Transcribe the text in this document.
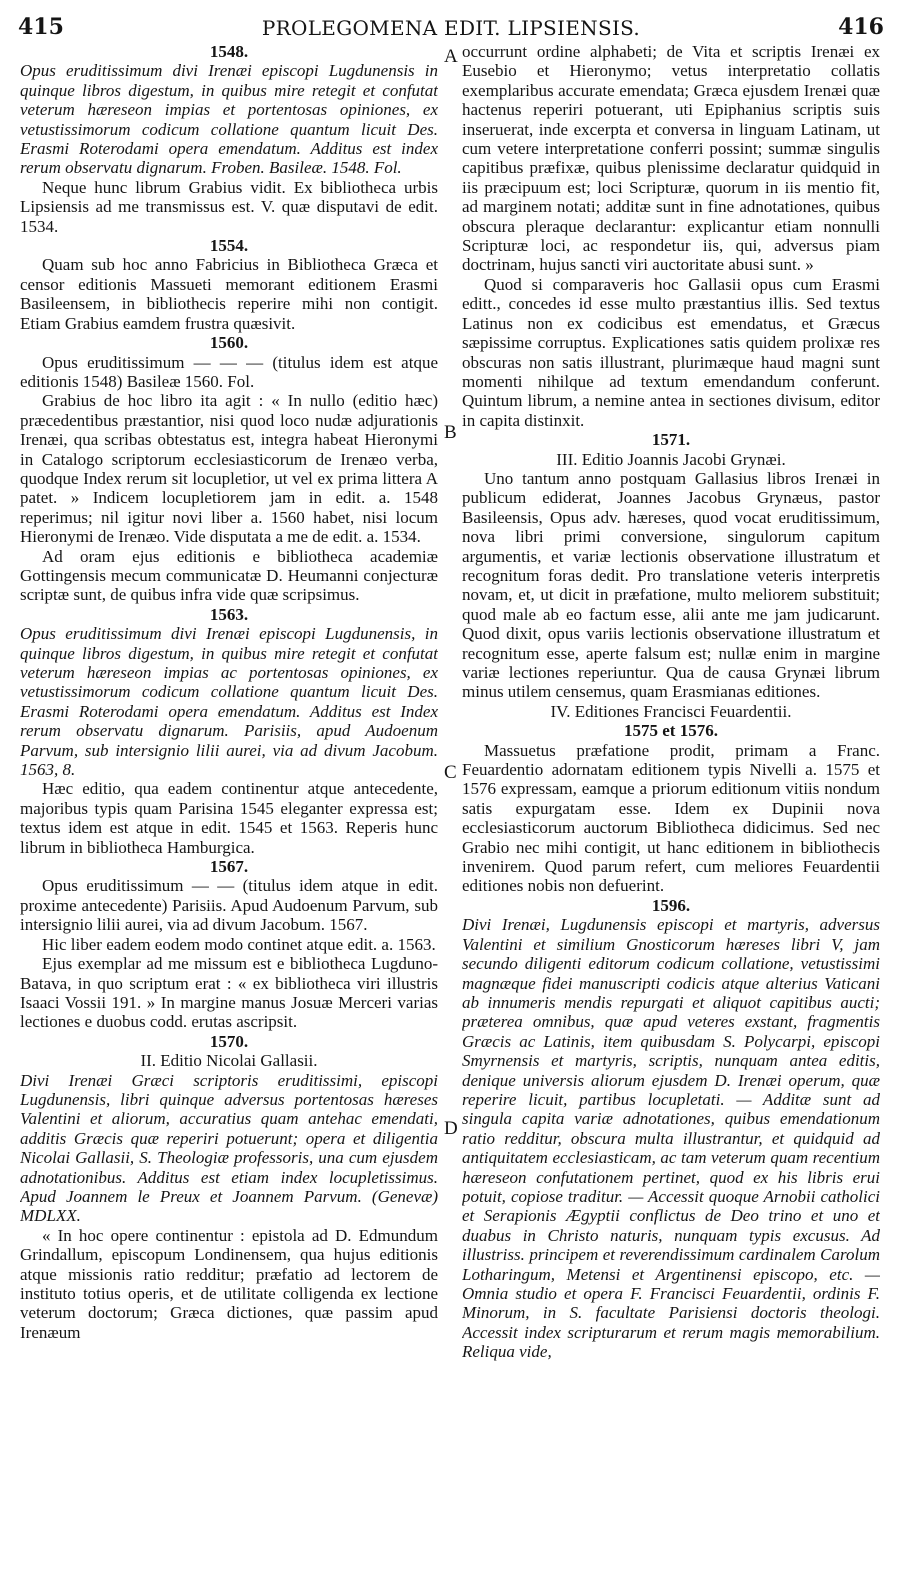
415	PROLEGOMENA EDIT. LIPSIENSIS.	416

1548.

Opus eruditissimum divi Irenæi episcopi Lugdunensis in quinque libros digestum, in quibus mire retegit et confutat veterum hæreseon impias et portentosas opiniones, ex vetustissimorum codicum collatione quantum licuit Des. Erasmi Roterodami opera emendatum. Additus est index rerum observatu dignarum. Froben. Basileæ. 1548. Fol.

Neque hunc librum Grabius vidit. Ex bibliotheca urbis Lipsiensis ad me transmissus est. V. quæ disputavi de edit. 1534.

1554.

Quam sub hoc anno Fabricius in Bibliotheca Græca et censor editionis Massueti memorant editionem Erasmi Basileensem, in bibliothecis reperire mihi non contigit. Etiam Grabius eamdem frustra quæsivit.

1560.

Opus eruditissimum — — — (titulus idem est atque editionis 1548) Basileæ 1560. Fol.

Grabius de hoc libro ita agit : « In nullo (editio hæc) præcedentibus præstantior, nisi quod loco nudæ adjurationis Irenæi, qua scribas obtestatus est, integra habeat Hieronymi in Catalogo scriptorum ecclesiasticorum de Irenæo verba, quodque Index rerum sit locupletior, ut vel ex prima littera A patet. » Indicem locupletiorem jam in edit. a. 1548 reperimus; nil igitur novi liber a. 1560 habet, nisi locum Hieronymi de Irenæo. Vide disputata a me de edit. a. 1534.

Ad oram ejus editionis e bibliotheca academiæ Gottingensis mecum communicatæ D. Heumanni conjecturæ scriptæ sunt, de quibus infra vide quæ scripsimus.

1563.

Opus eruditissimum divi Irenæi episcopi Lugdunensis, in quinque libros digestum, in quibus mire retegit et confutat veterum hæreseon impias ac portentosas opiniones, ex vetustissimorum codicum collatione quantum licuit Des. Erasmi Roterodami opera emendatum. Additus est Index rerum observatu dignarum. Parisiis, apud Audoenum Parvum, sub intersignio lilii aurei, via ad divum Jacobum. 1563, 8.

Hæc editio, qua eadem continentur atque antecedente, majoribus typis quam Parisina 1545 eleganter expressa est; textus idem est atque in edit. 1545 et 1563. Reperis hunc librum in bibliotheca Hamburgica.

1567.

Opus eruditissimum — — (titulus idem atque in edit. proxime antecedente) Parisiis. Apud Audoenum Parvum, sub intersignio lilii aurei, via ad divum Jacobum. 1567.

Hic liber eadem eodem modo continet atque edit. a. 1563.

Ejus exemplar ad me missum est e bibliotheca Lugduno-Batava, in quo scriptum erat : « ex bibliotheca viri illustris Isaaci Vossii 191. » In margine manus Josuæ Merceri varias lectiones e duobus codd. erutas ascripsit.

1570.

II. Editio Nicolai Gallasii.

Divi Irenæi Græci scriptoris eruditissimi, episcopi Lugdunensis, libri quinque adversus portentosas hæreses Valentini et aliorum, accuratius quam antehac emendati, additis Græcis quæ reperiri potuerunt; opera et diligentia Nicolai Gallasii, S. Theologiæ professoris, una cum ejusdem adnotationibus. Additus est etiam index locupletissimus. Apud Joannem le Preux et Joannem Parvum. (Genevæ) MDLXX.

« In hoc opere continentur : epistola ad D. Edmundum Grindallum, episcopum Londinensem, qua hujus editionis atque missionis ratio redditur; præfatio ad lectorem de instituto totius operis, et de utilitate colligenda ex lectione veterum doctorum; Græca dictiones, quæ passim apud Irenæum

occurrunt ordine alphabeti; de Vita et scriptis Irenæi ex Eusebio et Hieronymo; vetus interpretatio collatis exemplaribus accurate emendata; Græca ejusdem Irenæi quæ hactenus reperiri potuerant, uti Epiphanius scriptis suis inseruerat, inde excerpta et conversa in linguam Latinam, ut cum vetere interpretatione conferri possint; summæ singulis capitibus præfixæ, quibus plenissime declaratur quidquid in iis præcipuum est; loci Scripturæ, quorum in iis mentio fit, ad marginem notati; additæ sunt in fine adnotationes, quibus obscura pleraque declarantur: explicantur etiam nonnulli Scripturæ loci, ac respondetur iis, qui, adversus piam doctrinam, hujus sancti viri auctoritate abusi sunt. »

Quod si comparaveris hoc Gallasii opus cum Erasmi editt., concedes id esse multo præstantius illis. Sed textus Latinus non ex codicibus est emendatus, et Græcus sæpissime corruptus. Explicationes satis quidem prolixæ res obscuras non satis illustrant, plurimæque haud magni sunt momenti nihilque ad textum emendandum conferunt. Quintum librum, a nemine antea in sectiones divisum, editor in capita distinxit.

1571.

III. Editio Joannis Jacobi Grynæi.

Uno tantum anno postquam Gallasius libros Irenæi in publicum ediderat, Joannes Jacobus Grynæus, pastor Basileensis, Opus adv. hæreses, quod vocat eruditissimum, nova libri primi conversione, singulorum capitum argumentis, et variæ lectionis observatione illustratum et recognitum foras dedit. Pro translatione veteris interpretis novam, et, ut dicit in præfatione, multo meliorem substituit; quod male ab eo factum esse, alii ante me jam judicarunt. Quod dixit, opus variis lectionis observatione illustratum et recognitum esse, aperte falsum est; nullæ enim in margine variæ lectiones reperiuntur. Qua de causa Grynæi librum minus utilem censemus, quam Erasmianas editiones.

IV. Editiones Francisci Feuardentii.

1575 et 1576.

Massuetus præfatione prodit, primam a Franc. Feuardentio adornatam editionem typis Nivelli a. 1575 et 1576 expressam, eamque a priorum editionum vitiis nondum satis expurgatam esse. Idem ex Dupinii nova ecclesiasticorum auctorum Bibliotheca didicimus. Sed nec Grabio nec mihi contigit, ut hanc editionem in bibliothecis invenirem. Quod parum refert, cum meliores Feuardentii editiones nobis non defuerint.

1596.

Divi Irenæi, Lugdunensis episcopi et martyris, adversus Valentini et similium Gnosticorum hæreses libri V, jam secundo diligenti editorum codicum collatione, vetustissimi magnæque fidei manuscripti codicis atque alterius Vaticani ab innumeris mendis repurgati et aliquot capitibus aucti; præterea omnibus, quæ apud veteres exstant, fragmentis Græcis ac Latinis, item quibusdam S. Polycarpi, episcopi Smyrnensis et martyris, scriptis, nunquam antea editis, denique universis aliorum ejusdem D. Irenæi operum, quæ reperire licuit, partibus locupletati. — Additæ sunt ad singula capita variæ adnotationes, quibus emendationum ratio redditur, obscura multa illustrantur, et quidquid ad antiquitatem ecclesiasticam, ac tam veterum quam recentium hæreseon confutationem pertinet, quod ex his libris erui potuit, copiose traditur. — Accessit quoque Arnobii catholici et Serapionis Ægyptii conflictus de Deo trino et uno et duabus in Christo naturis, nunquam typis excusus. Ad illustriss. principem et reverendissimum cardinalem Carolum Lotharingum, Metensi et Argentinensi episcopo, etc. — Omnia studio et opera F. Francisci Feuardentii, ordinis F. Minorum, in S. facultate Parisiensi doctoris theologi. Accessit index scripturarum et rerum magis memorabilium. Reliqua vide,

A
B
C
D
